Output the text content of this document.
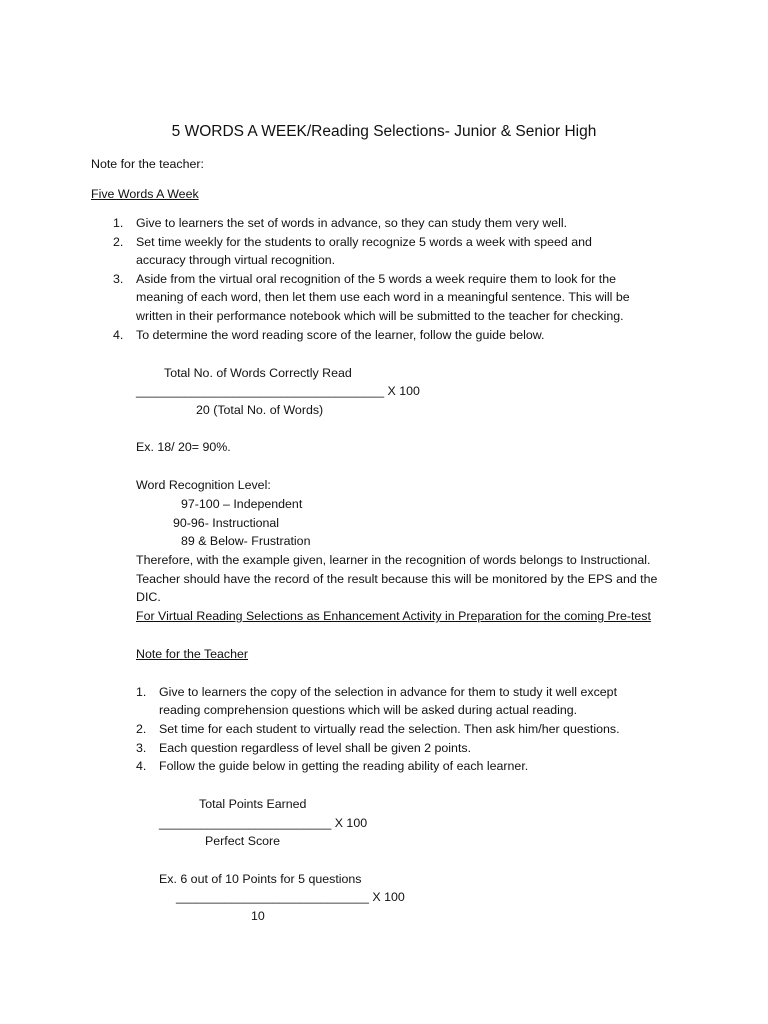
5 WORDS A WEEK/Reading Selections- Junior & Senior High
Note for the teacher:
Five Words A Week
1. Give to learners the set of words in advance, so they can study them very well.
2. Set time weekly for the students to orally recognize 5 words a week with speed and
accuracy through virtual recognition.
3. Aside from the virtual oral recognition of the 5 words a week require them to look for the
meaning of each word, then let them use each word in a meaningful sentence. This will be
written in their performance notebook which will be submitted to the teacher for checking.
4. To determine the word reading score of the learner, follow the guide below.
Total No. of Words Correctly Read
____________________________________ X 100
20 (Total No. of Words)
Ex. 18/ 20= 90%.
Word Recognition Level:
97-100 – Independent
90-96- Instructional
89 & Below- Frustration
Therefore, with the example given, learner in the recognition of words belongs to Instructional.
Teacher should have the record of the result because this will be monitored by the EPS and the
DIC.
For Virtual Reading Selections as Enhancement Activity in Preparation for the coming Pre-test
Note for the Teacher
1. Give to learners the copy of the selection in advance for them to study it well except
reading comprehension questions which will be asked during actual reading.
2. Set time for each student to virtually read the selection. Then ask him/her questions.
3. Each question regardless of level shall be given 2 points.
4. Follow the guide below in getting the reading ability of each learner.
Total Points Earned
_________________________ X 100
Perfect Score
Ex. 6 out of 10 Points for 5 questions
____________________________ X 100
10
